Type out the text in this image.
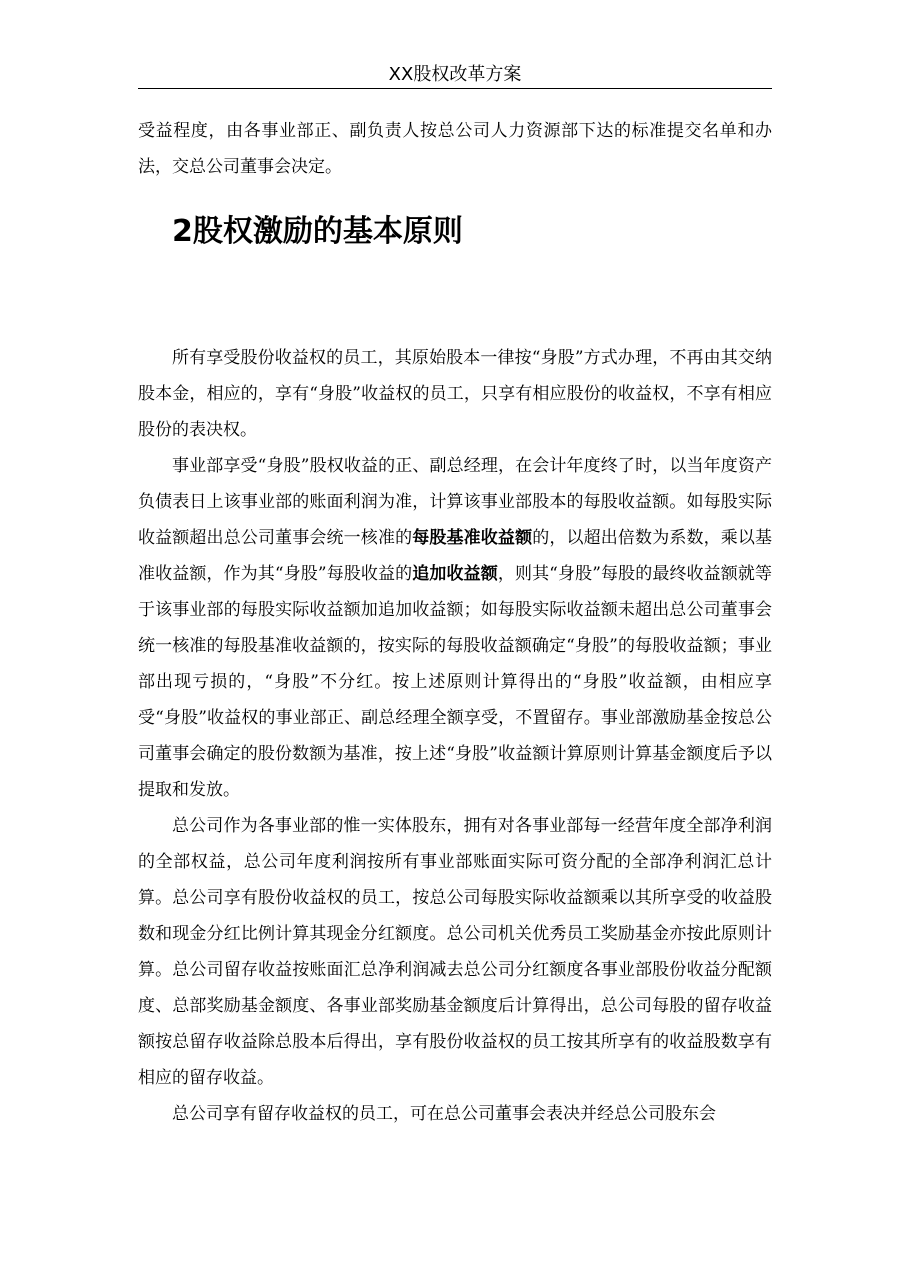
XX股权改革方案

受益程度，由各事业部正、副负责人按总公司人力资源部下达的标准提交名单和办法，交总公司董事会决定。

2股权激励的基本原则

所有享受股份收益权的员工，其原始股本一律按“身股”方式办理，不再由其交纳股本金，相应的，享有“身股”收益权的员工，只享有相应股份的收益权，不享有相应股份的表决权。

事业部享受“身股”股权收益的正、副总经理，在会计年度终了时，以当年度资产负债表日上该事业部的账面利润为准，计算该事业部股本的每股收益额。如每股实际收益额超出总公司董事会统一核准的每股基准收益额的，以超出倍数为系数，乘以基准收益额，作为其“身股”每股收益的追加收益额，则其“身股”每股的最终收益额就等于该事业部的每股实际收益额加追加收益额；如每股实际收益额未超出总公司董事会统一核准的每股基准收益额的，按实际的每股收益额确定“身股”的每股收益额；事业部出现亏损的，“身股”不分红。按上述原则计算得出的“身股”收益额，由相应享受“身股”收益权的事业部正、副总经理全额享受，不置留存。事业部激励基金按总公司董事会确定的股份数额为基准，按上述“身股”收益额计算原则计算基金额度后予以提取和发放。

总公司作为各事业部的惟一实体股东，拥有对各事业部每一经营年度全部净利润的全部权益，总公司年度利润按所有事业部账面实际可资分配的全部净利润汇总计算。总公司享有股份收益权的员工，按总公司每股实际收益额乘以其所享受的收益股数和现金分红比例计算其现金分红额度。总公司机关优秀员工奖励基金亦按此原则计算。总公司留存收益按账面汇总净利润减去总公司分红额度各事业部股份收益分配额度、总部奖励基金额度、各事业部奖励基金额度后计算得出，总公司每股的留存收益额按总留存收益除总股本后得出，享有股份收益权的员工按其所享有的收益股数享有相应的留存收益。

总公司享有留存收益权的员工，可在总公司董事会表决并经总公司股东会
